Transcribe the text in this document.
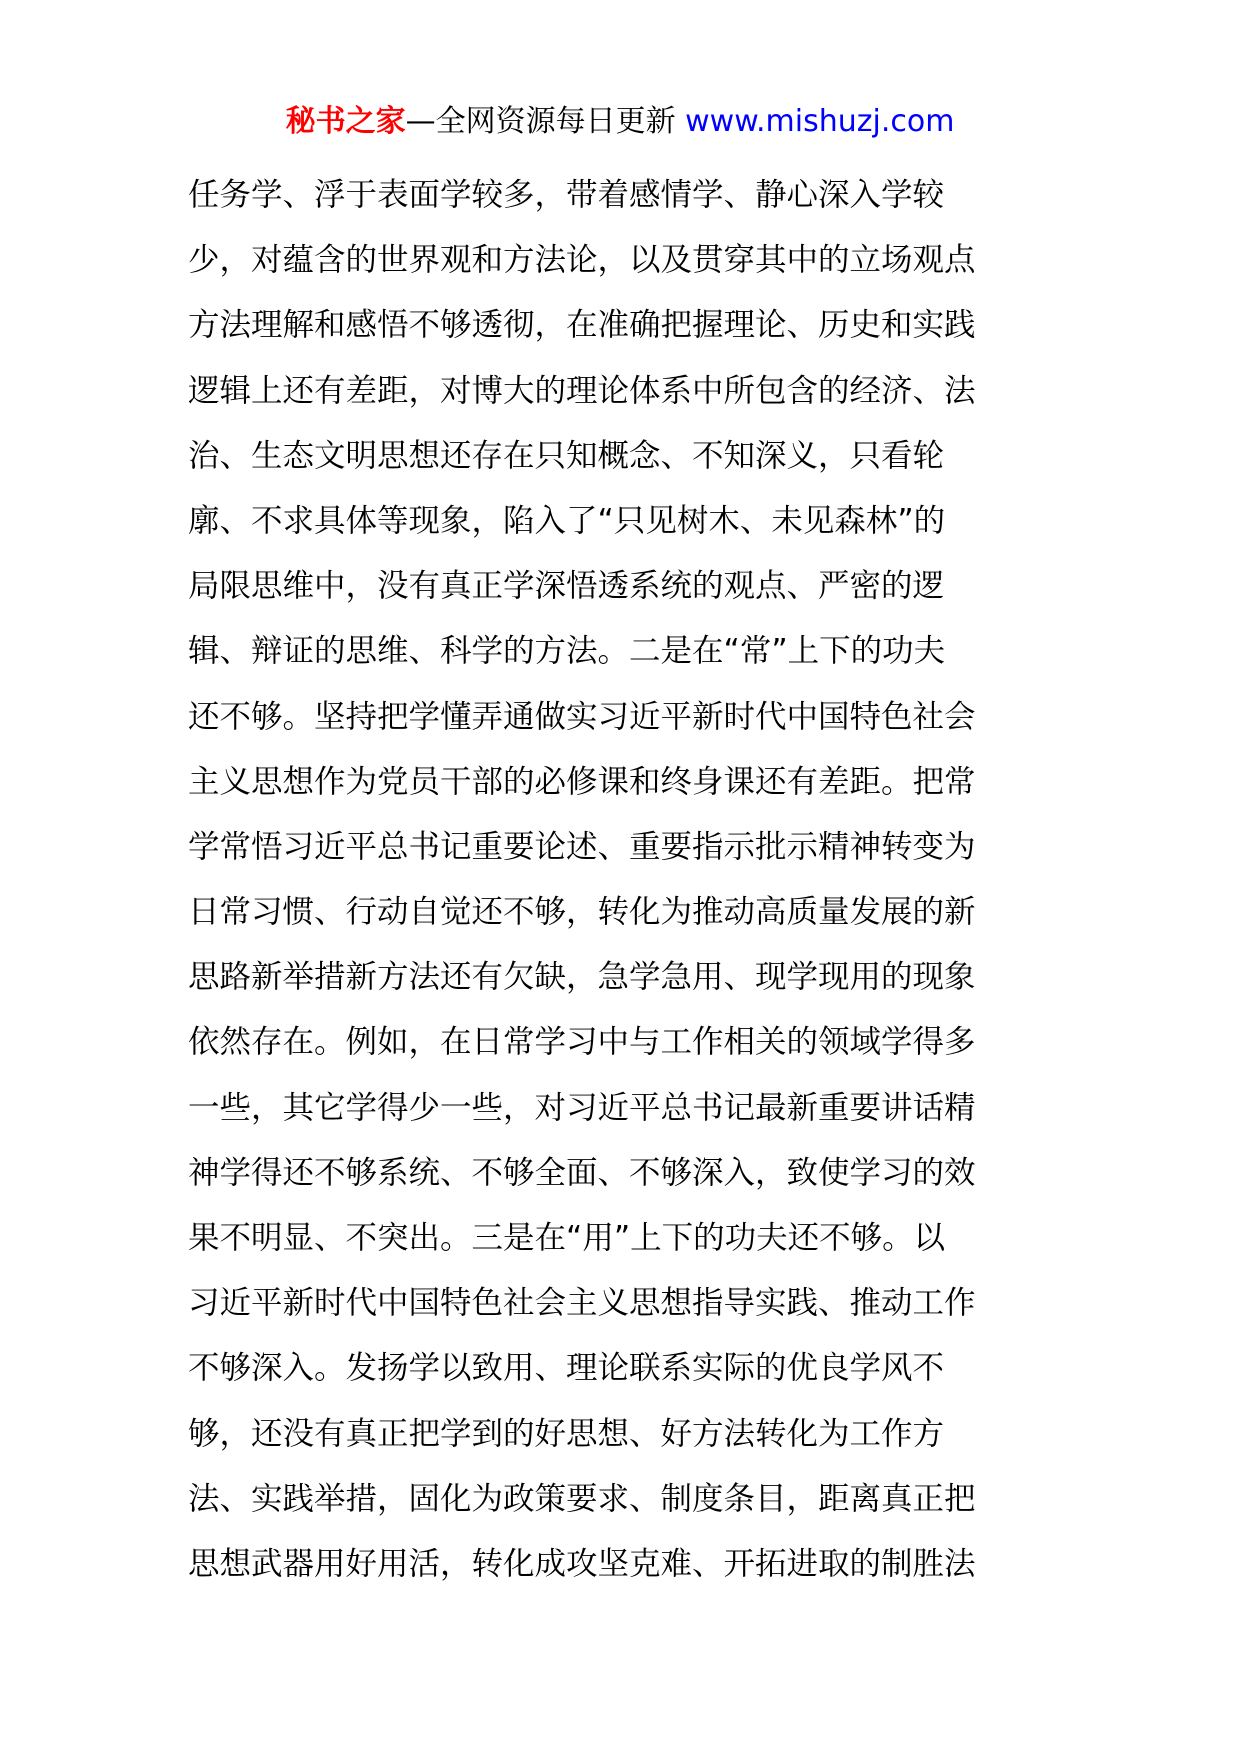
秘书之家—全网资源每日更新 www.mishuzj.com
任务学、浮于表面学较多，带着感情学、静心深入学较
少，对蕴含的世界观和方法论，以及贯穿其中的立场观点
方法理解和感悟不够透彻，在准确把握理论、历史和实践
逻辑上还有差距，对博大的理论体系中所包含的经济、法
治、生态文明思想还存在只知概念、不知深义，只看轮
廓、不求具体等现象，陷入了“只见树木、未见森林”的
局限思维中，没有真正学深悟透系统的观点、严密的逻
辑、辩证的思维、科学的方法。二是在“常”上下的功夫
还不够。坚持把学懂弄通做实习近平新时代中国特色社会
主义思想作为党员干部的必修课和终身课还有差距。把常
学常悟习近平总书记重要论述、重要指示批示精神转变为
日常习惯、行动自觉还不够，转化为推动高质量发展的新
思路新举措新方法还有欠缺，急学急用、现学现用的现象
依然存在。例如，在日常学习中与工作相关的领域学得多
一些，其它学得少一些，对习近平总书记最新重要讲话精
神学得还不够系统、不够全面、不够深入，致使学习的效
果不明显、不突出。三是在“用”上下的功夫还不够。以
习近平新时代中国特色社会主义思想指导实践、推动工作
不够深入。发扬学以致用、理论联系实际的优良学风不
够，还没有真正把学到的好思想、好方法转化为工作方
法、实践举措，固化为政策要求、制度条目，距离真正把
思想武器用好用活，转化成攻坚克难、开拓进取的制胜法
